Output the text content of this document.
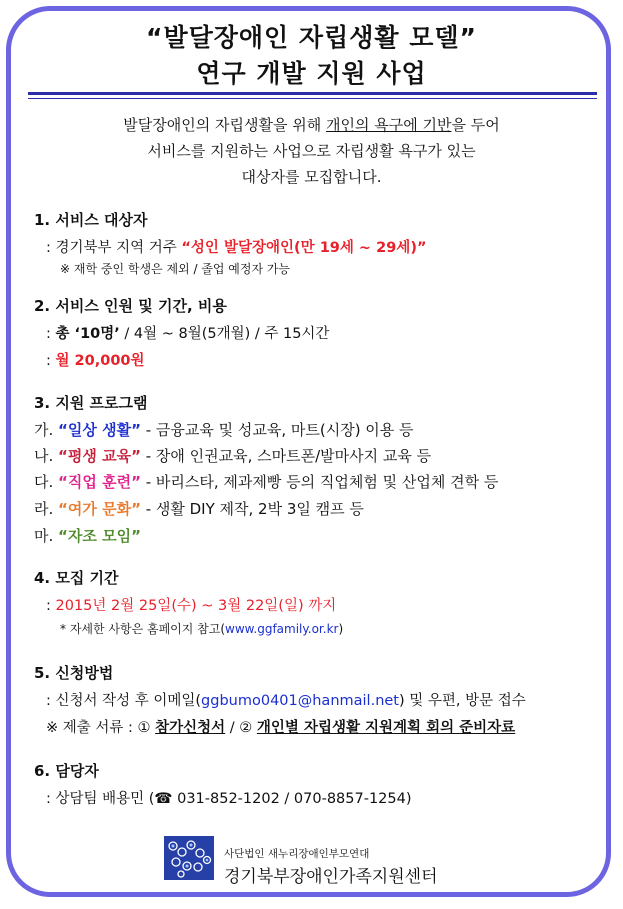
“발달장애인 자립생활 모델”
연구 개발 지원 사업
발달장애인의 자립생활을 위해 개인의 욕구에 기반을 두어
서비스를 지원하는 사업으로 자립생활 욕구가 있는
대상자를 모집합니다.
1. 서비스 대상자
: 경기북부 지역 거주 “성인 발달장애인(만 19세 ~ 29세)”
※ 재학 중인 학생은 제외 / 졸업 예정자 가능
2. 서비스 인원 및 기간, 비용
: 총 ‘10명’ / 4월 ~ 8월(5개월) / 주 15시간
: 월 20,000원
3. 지원 프로그램
가. “일상 생활” - 금융교육 및 성교육, 마트(시장) 이용 등
나. “평생 교육” - 장애 인권교육, 스마트폰/발마사지 교육 등
다. “직업 훈련” - 바리스타, 제과제빵 등의 직업체험 및 산업체 견학 등
라. “여가 문화” - 생활 DIY 제작, 2박 3일 캠프 등
마. “자조 모임”
4. 모집 기간
: 2015년 2월 25일(수) ~ 3월 22일(일) 까지
* 자세한 사항은 홈페이지 참고(www.ggfamily.or.kr)
5. 신청방법
: 신청서 작성 후 이메일(ggbumo0401@hanmail.net) 및 우편, 방문 접수
※ 제출 서류 : ① 참가신청서 / ② 개인별 자립생활 지원계획 회의 준비자료
6. 담당자
: 상담팀 배용민 (☎ 031-852-1202 / 070-8857-1254)
사단법인 새누리장애인부모연대
경기북부장애인가족지원센터
